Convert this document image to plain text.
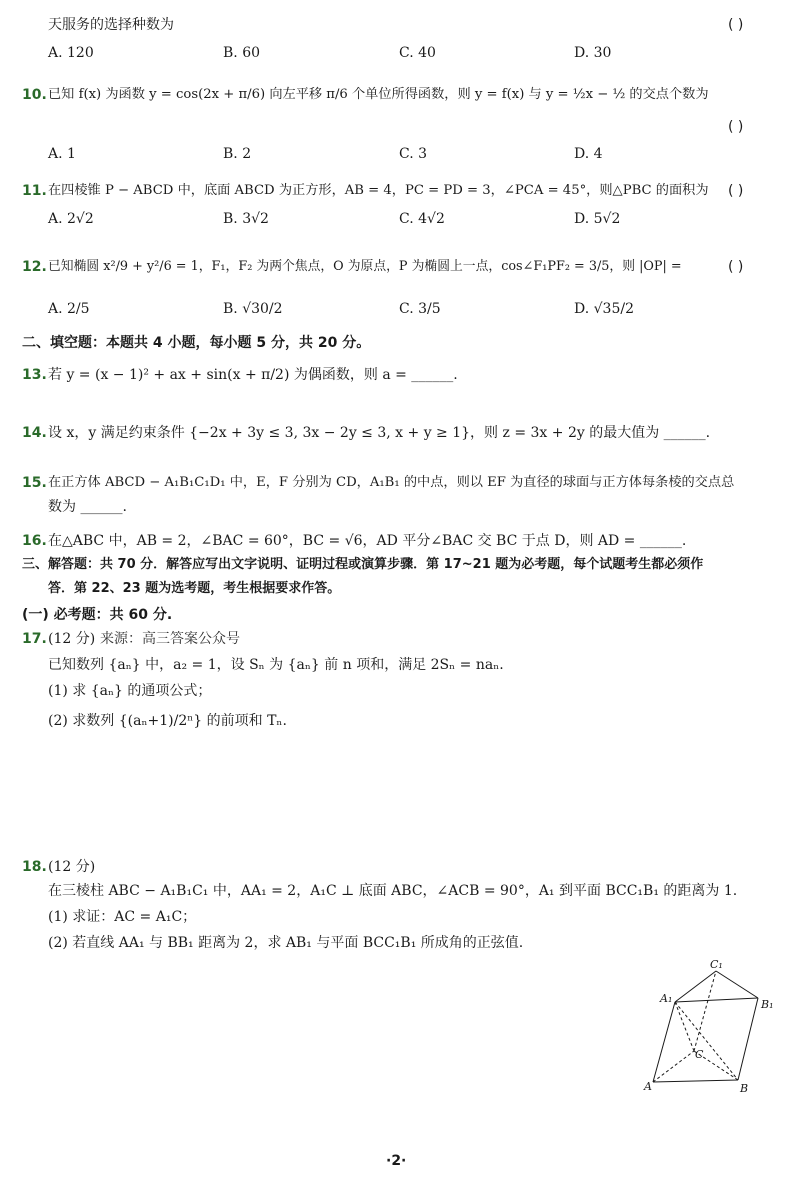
天服务的选择种数为	( )
A. 120	B. 60	C. 40	D. 30
10. 已知 f(x) 为函数 y = cos(2x + π/6) 向左平移 π/6 个单位所得函数，则 y = f(x) 与 y = ½x − ½ 的交点个数为
( )
A. 1	B. 2	C. 3	D. 4
11. 在四棱锥 P − ABCD 中，底面 ABCD 为正方形，AB = 4，PC = PD = 3，∠PCA = 45°，则△PBC 的面积为 ( )
A. 2√2	B. 3√2	C. 4√2	D. 5√2
12. 已知椭圆 x²/9 + y²/6 = 1，F₁，F₂ 为两个焦点，O 为原点，P 为椭圆上一点，cos∠F₁PF₂ = 3/5，则 |OP| =	( )
A. 2/5	B. √30/2	C. 3/5	D. √35/2
二、填空题：本题共 4 小题，每小题 5 分，共 20 分。
13. 若 y = (x − 1)² + ax + sin(x + π/2) 为偶函数，则 a = ______.
14. 设 x，y 满足约束条件 {−2x + 3y ≤ 3, 3x − 2y ≤ 3, x + y ≥ 1}，则 z = 3x + 2y 的最大值为 ______.
15. 在正方体 ABCD − A₁B₁C₁D₁ 中，E，F 分别为 CD，A₁B₁ 的中点，则以 EF 为直径的球面与正方体每条棱的交点总
数为 ______.
16. 在△ABC 中，AB = 2，∠BAC = 60°，BC = √6，AD 平分∠BAC 交 BC 于点 D，则 AD = ______.
三、解答题：共 70 分．解答应写出文字说明、证明过程或演算步骤．第 17~21 题为必考题，每个试题考生都必须作
答．第 22、23 题为选考题，考生根据要求作答。
(一) 必考题：共 60 分.
17. (12 分) 来源：高三答案公众号
已知数列 {aₙ} 中，a₂ = 1，设 Sₙ 为 {aₙ} 前 n 项和，满足 2Sₙ = naₙ.
(1) 求 {aₙ} 的通项公式；
(2) 求数列 {(aₙ+1)/2ⁿ} 的前项和 Tₙ.
18. (12 分)
在三棱柱 ABC − A₁B₁C₁ 中，AA₁ = 2，A₁C ⊥ 底面 ABC，∠ACB = 90°，A₁ 到平面 BCC₁B₁ 的距离为 1.
(1) 求证：AC = A₁C；
(2) 若直线 AA₁ 与 BB₁ 距离为 2，求 AB₁ 与平面 BCC₁B₁ 所成角的正弦值.
C₁
A₁	B₁
C
A	B
·2·
